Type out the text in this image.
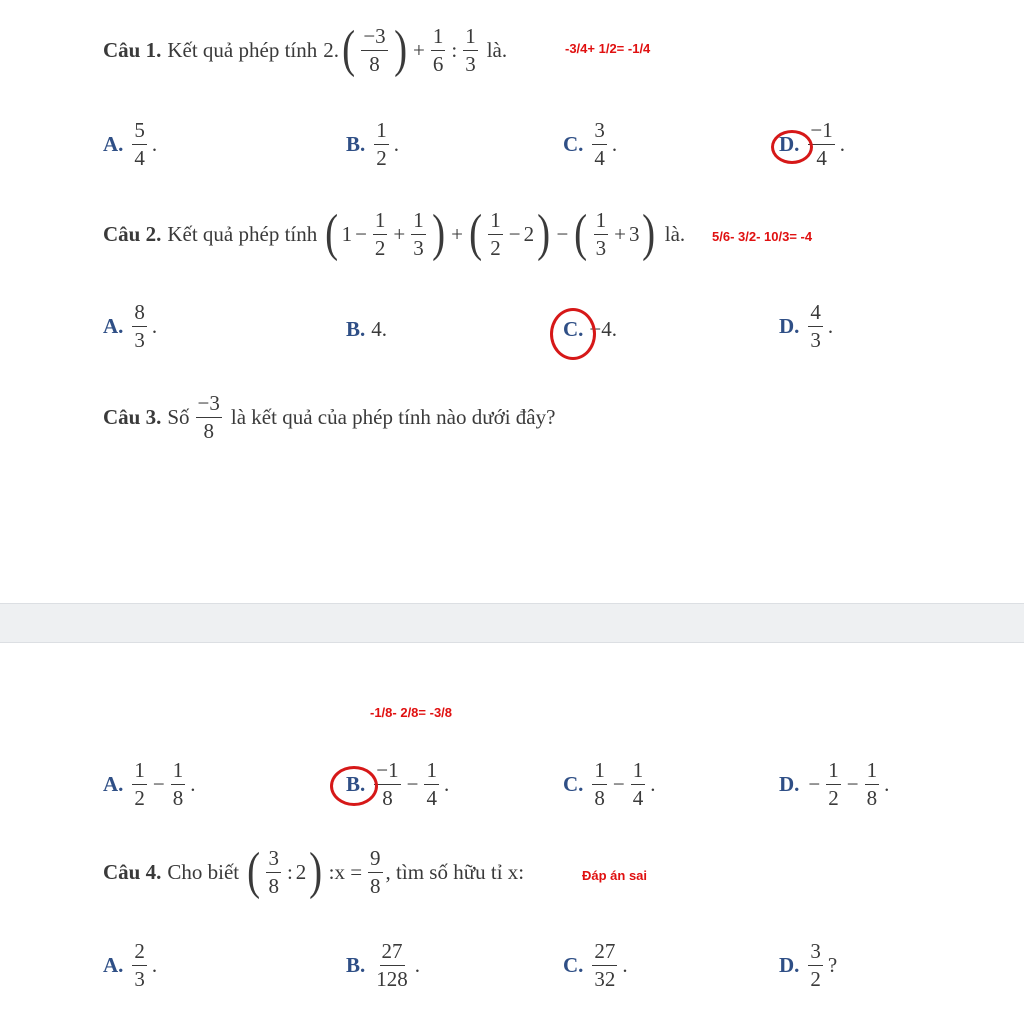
Câu 1. Kết quả phép tính 2. ( $\frac{-3}{8}$ ) + $\frac{1}{6}$ : $\frac{1}{3}$ là.	-3/4+ 1/2= -1/4
A. $\frac{5}{4}$ .	B. $\frac{1}{2}$ .	C. $\frac{3}{4}$ .	D. $\frac{-1}{4}$ .
Câu 2. Kết quả phép tính ( $1 - \frac{1}{2} + \frac{1}{3}$ ) + ( $\frac{1}{2} - 2$ ) − ( $\frac{1}{3} + 3$ ) là. 5/6- 3/2- 10/3= -4
A. $\frac{8}{3}$ .	B. 4.	C. −4.	D. $\frac{4}{3}$ .
Câu 3. Số $\frac{-3}{8}$ là kết quả của phép tính nào dưới đây?
-1/8- 2/8= -3/8
A. $\frac{1}{2} - \frac{1}{8}$ .	B. $\frac{-1}{8} - \frac{1}{4}$ .	C. $\frac{1}{8} - \frac{1}{4}$ .	D. − $\frac{1}{2} - \frac{1}{8}$ .
Câu 4. Cho biết ( $\frac{3}{8}$ : 2 ) :x = $\frac{9}{8}$ , tìm số hữu tỉ x:	Đáp án sai
A. $\frac{2}{3}$ .	B. $\frac{27}{128}$ .	C. $\frac{27}{32}$ .	D. $\frac{3}{2}$ ?
